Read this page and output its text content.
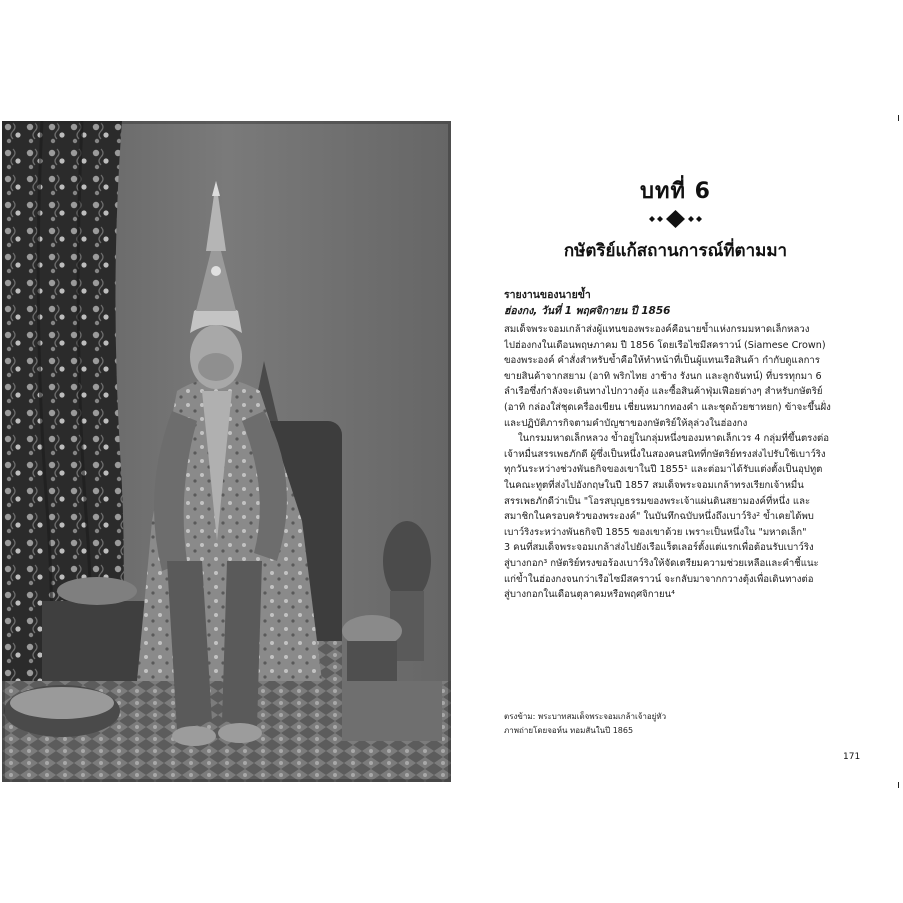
บทที่ 6
กษัตริย์แก้สถานการณ์ที่ตามมา

รายงานของนายข้ำ

ฮ่องกง, วันที่ 1 พฤศจิกายน ปี 1856

สมเด็จพระจอมเกล้าส่งผู้แทนของพระองค์คือนายข้ำแห่งกรมมหาดเล็กหลวง
ไปฮ่องกงในเดือนพฤษภาคม ปี 1856 โดยเรือไซมีสคราวน์ (Siamese Crown)
ของพระองค์ คำสั่งสำหรับข้ำคือให้ทำหน้าที่เป็นผู้แทนเรือสินค้า กำกับดูแลการ
ขายสินค้าจากสยาม (อาทิ พริกไทย งาช้าง รังนก และลูกจันทน์) ที่บรรทุกมา 6
ลำเรือซึ่งกำลังจะเดินทางไปกวางตุ้ง และซื้อสินค้าฟุ่มเฟือยต่างๆ สำหรับกษัตริย์
(อาทิ กล่องใส่ชุดเครื่องเขียน เชี่ยนหมากทองคำ และชุดถ้วยชาหยก) ข้าจะขึ้นฝั่ง
และปฏิบัติภารกิจตามคำบัญชาของกษัตริย์ให้ลุล่วงในฮ่องกง
ในกรมมหาดเล็กหลวง ข้ำอยู่ในกลุ่มหนึ่งของมหาดเล็กเวร 4 กลุ่มที่ขึ้นตรงต่อ
เจ้าหมื่นสรรเพธภักดี ผู้ซึ่งเป็นหนึ่งในสองคนสนิทที่กษัตริย์ทรงส่งไปรับใช้เบาว์ริง
ทุกวันระหว่างช่วงพันธกิจของเขาในปี 1855¹ และต่อมาได้รับแต่งตั้งเป็นอุปทูต
ในคณะทูตที่ส่งไปอังกฤษในปี 1857 สมเด็จพระจอมเกล้าทรงเรียกเจ้าหมื่น
สรรเพธภักดีว่าเป็น "โอรสบุญธรรมของพระเจ้าแผ่นดินสยามองค์ที่หนึ่ง และ
สมาชิกในครอบครัวของพระองค์" ในบันทึกฉบับหนึ่งถึงเบาว์ริง² ข้ำเคยได้พบ
เบาว์ริงระหว่างพันธกิจปี 1855 ของเขาด้วย เพราะเป็นหนึ่งใน "มหาดเล็ก"
3 คนที่สมเด็จพระจอมเกล้าส่งไปยังเรือแร็ตเลอร์ตั้งแต่แรกเพื่อต้อนรับเบาว์ริง
สู่บางกอก³ กษัตริย์ทรงขอร้องเบาว์ริงให้จัดเตรียมความช่วยเหลือและคำชี้แนะ
แก่ข้ำในฮ่องกงจนกว่าเรือไซมีสคราวน์ จะกลับมาจากกวางตุ้งเพื่อเดินทางต่อ
สู่บางกอกในเดือนตุลาคมหรือพฤศจิกายน⁴
ตรงข้าม: พระบาทสมเด็จพระจอมเกล้าเจ้าอยู่หัว
ภาพถ่ายโดยจอห์น ทอมสันในปี 1865
171
